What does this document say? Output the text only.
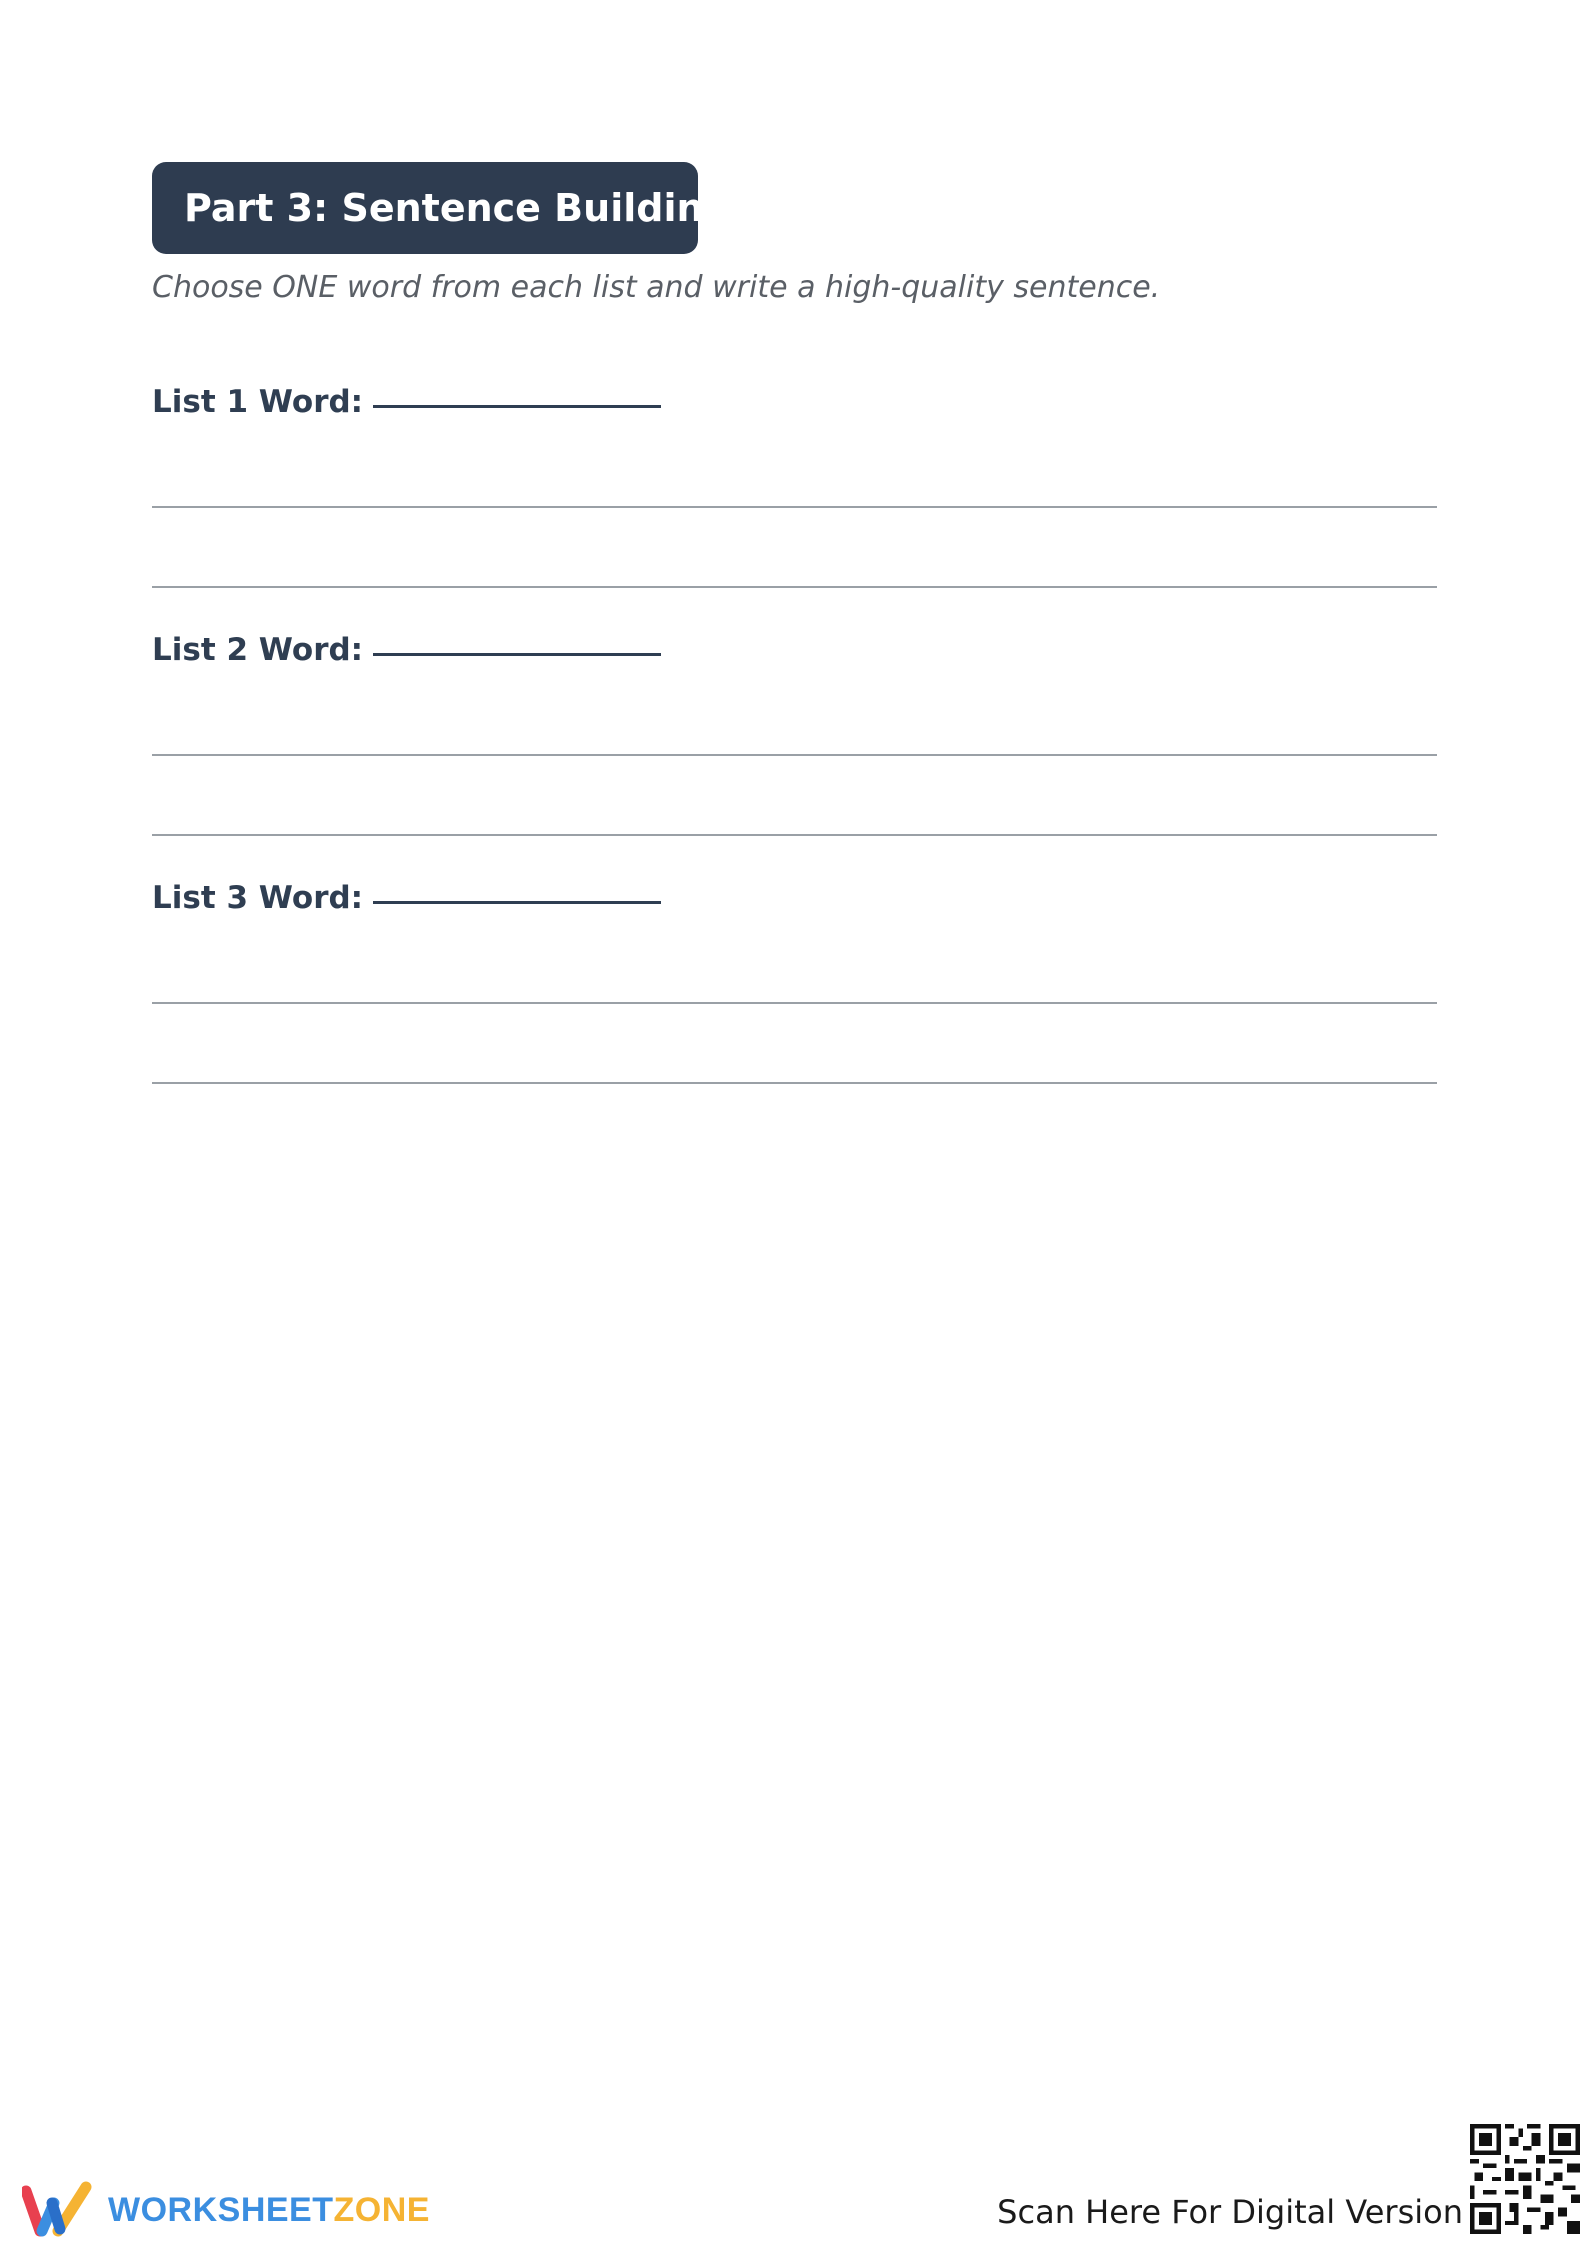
Part 3: Sentence Building
Choose ONE word from each list and write a high-quality sentence.
List 1 Word:
List 2 Word:
List 3 Word:
WORKSHEETZONE	Scan Here For Digital Version
